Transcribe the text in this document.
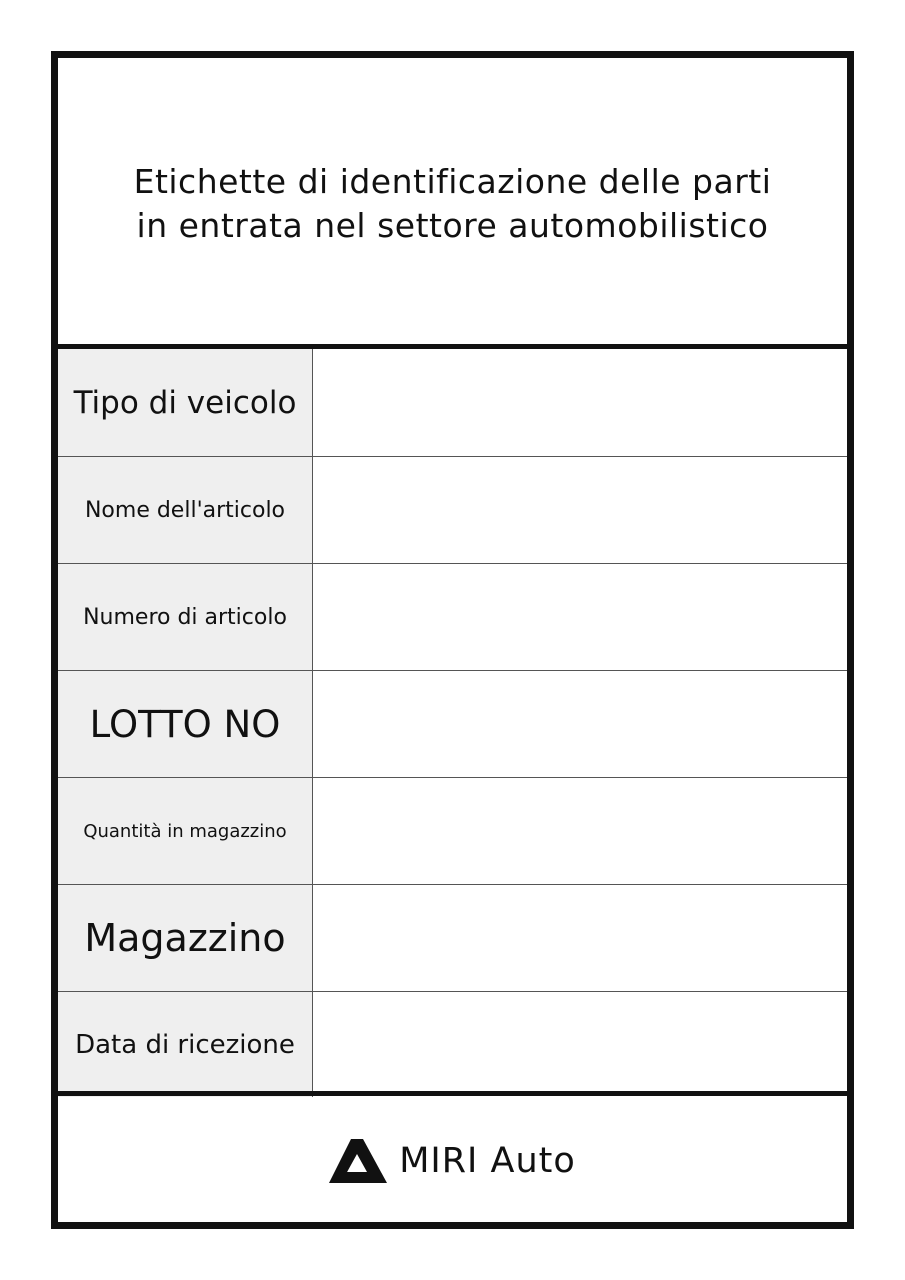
Etichette di identificazione delle parti
in entrata nel settore automobilistico
Tipo di veicolo
Nome dell'articolo
Numero di articolo
LOTTO NO
Quantità in magazzino
Magazzino
Data di ricezione
MIRI Auto
